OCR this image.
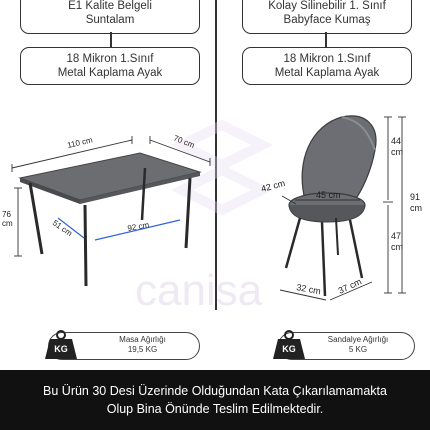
E1 Kalite Belgeli
Suntalam
18 Mikron 1.Sınıf
Metal Kaplama Ayak
Kolay Silinebilir 1. Sınıf
Babyface Kumaş
18 Mikron 1.Sınıf
Metal Kaplama Ayak
canisa
110 cm	70 cm
76
cm	51 cm	92 cm
44
cm
91
cm
47
cm
42 cm
45 cm
32 cm 37 cm
Masa Ağırlığı
19,5 KG
KG
Sandalye Ağırlığı
5 KG
KG
Bu Ürün 30 Desi Üzerinde Olduğundan Kata Çıkarılamamakta
Olup Bina Önünde Teslim Edilmektedir.
